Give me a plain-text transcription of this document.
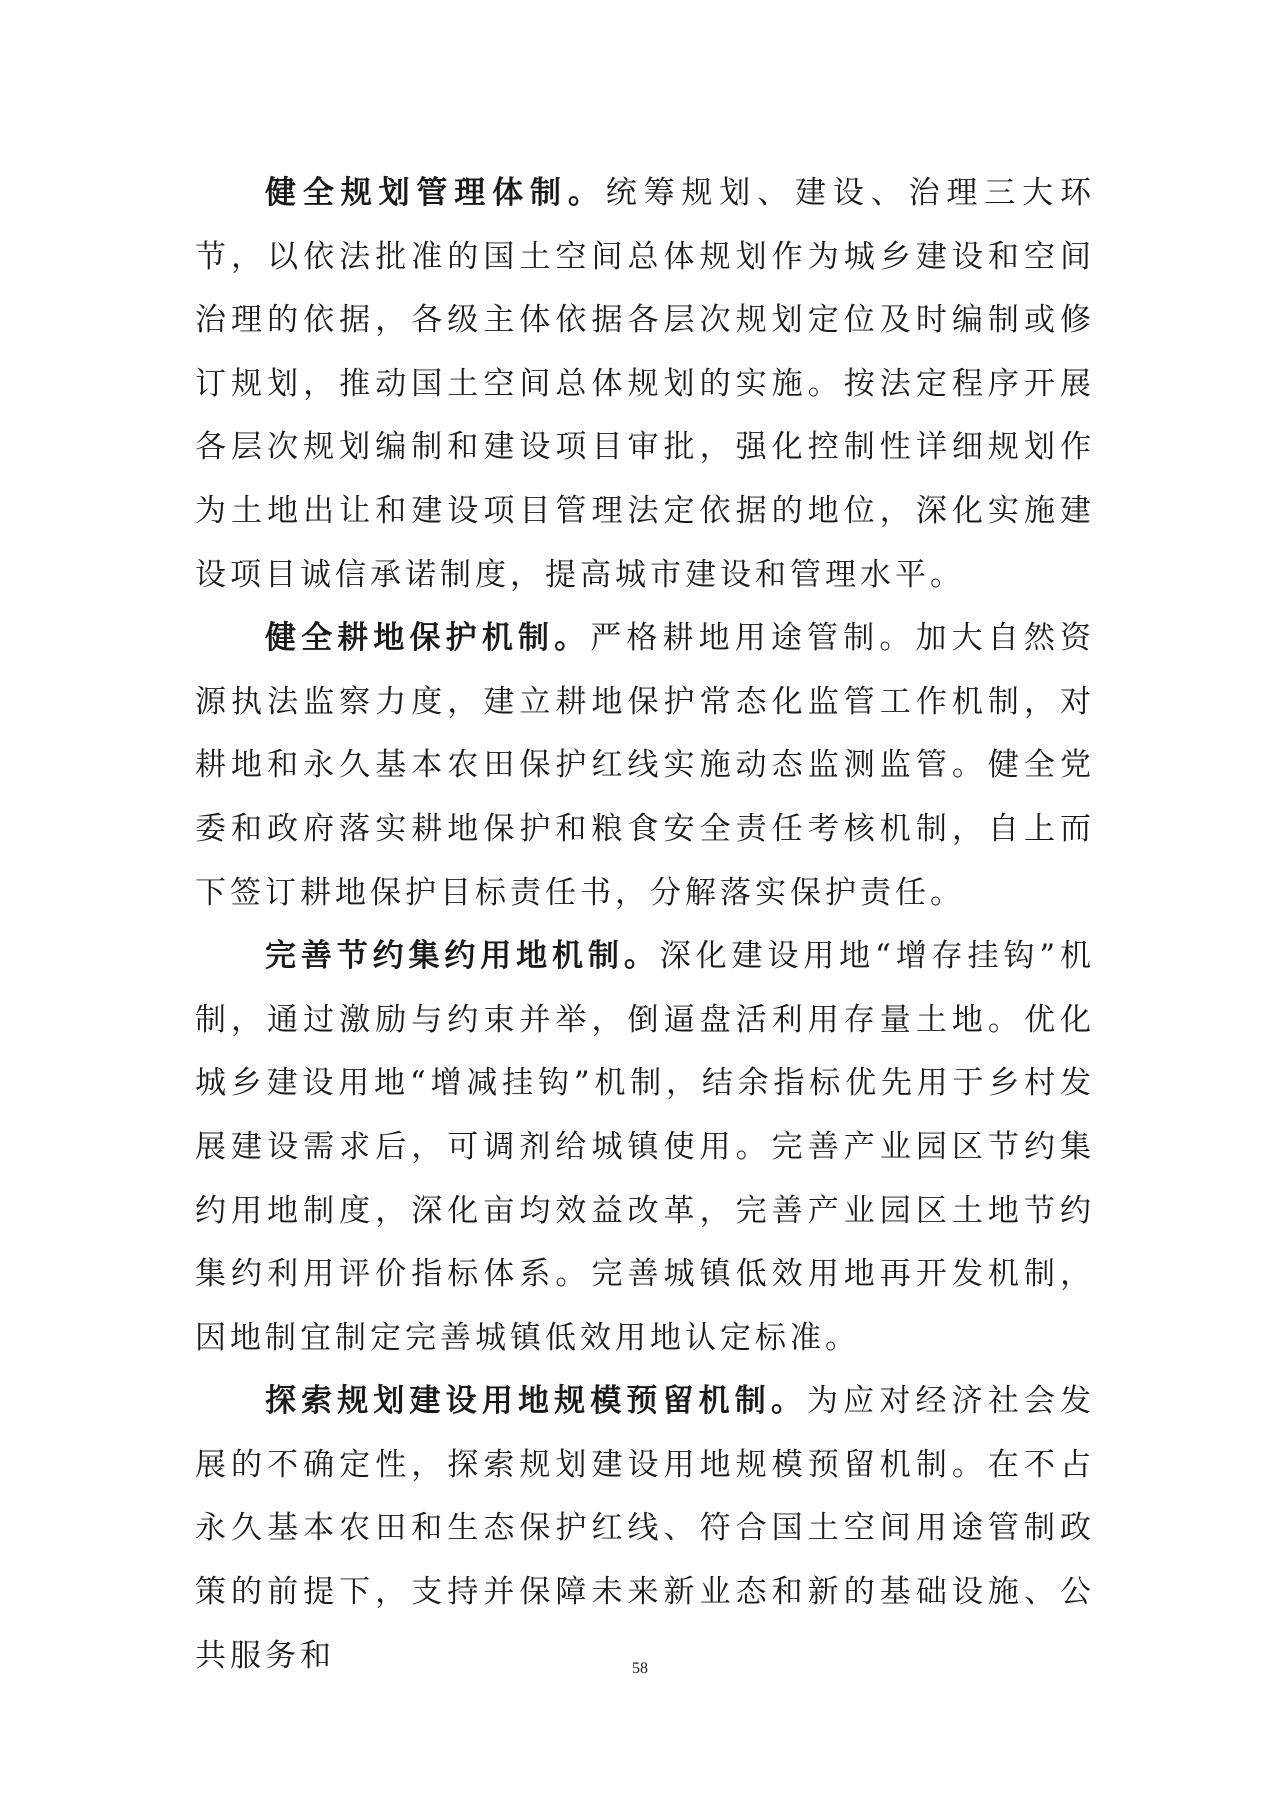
健全规划管理体制。统筹规划、建设、治理三大环节，以依法批准的国土空间总体规划作为城乡建设和空间治理的依据，各级主体依据各层次规划定位及时编制或修订规划，推动国土空间总体规划的实施。按法定程序开展各层次规划编制和建设项目审批，强化控制性详细规划作为土地出让和建设项目管理法定依据的地位，深化实施建设项目诚信承诺制度，提高城市建设和管理水平。

健全耕地保护机制。严格耕地用途管制。加大自然资源执法监察力度，建立耕地保护常态化监管工作机制，对耕地和永久基本农田保护红线实施动态监测监管。健全党委和政府落实耕地保护和粮食安全责任考核机制，自上而下签订耕地保护目标责任书，分解落实保护责任。

完善节约集约用地机制。深化建设用地“增存挂钩”机制，通过激励与约束并举，倒逼盘活利用存量土地。优化城乡建设用地“增减挂钩”机制，结余指标优先用于乡村发展建设需求后，可调剂给城镇使用。完善产业园区节约集约用地制度，深化亩均效益改革，完善产业园区土地节约集约利用评价指标体系。完善城镇低效用地再开发机制，因地制宜制定完善城镇低效用地认定标准。

探索规划建设用地规模预留机制。为应对经济社会发展的不确定性，探索规划建设用地规模预留机制。在不占永久基本农田和生态保护红线、符合国土空间用途管制政策的前提下，支持并保障未来新业态和新的基础设施、公共服务和	58
